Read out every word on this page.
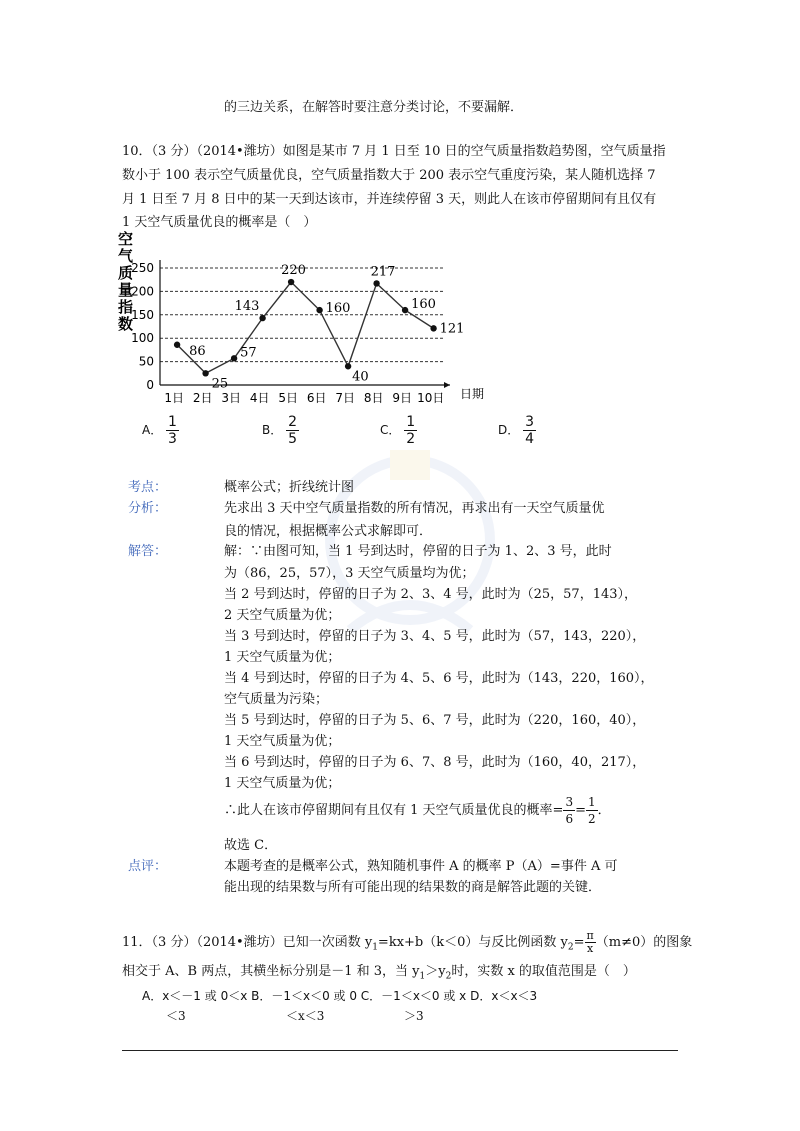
的三边关系，在解答时要注意分类讨论，不要漏解．
10．（3 分）（2014•潍坊）如图是某市 7 月 1 日至 10 日的空气质量指数趋势图，空气质量指
数小于 100 表示空气质量优良，空气质量指数大于 200 表示空气重度污染，某人随机选择 7
月 1 日至 7 月 8 日中的某一天到达该市，并连续停留 3 天，则此人在该市停留期间有且仅有
1 天空气质量优良的概率是（　）
86
25
57
143
220
160
40
217
160
121
1日 2日 3日 4日 5日 6日 7日 8日 9日 10日
0
50
100
150
200
250
空
气
质
量
指
数
日期
A． $\frac{1}{3}$	B． $\frac{2}{5}$	C． $\frac{1}{2}$	D． $\frac{3}{4}$
考点：	概率公式；折线统计图
分析：	先求出 3 天中空气质量指数的所有情况，再求出有一天空气质量优
良的情况，根据概率公式求解即可．
解答：	解：∵由图可知，当 1 号到达时，停留的日子为 1、2、3 号，此时
为（86，25，57），3 天空气质量均为优；
当 2 号到达时，停留的日子为 2、3、4 号，此时为（25，57，143），
2 天空气质量为优；
当 3 号到达时，停留的日子为 3、4、5 号，此时为（57，143，220），
1 天空气质量为优；
当 4 号到达时，停留的日子为 4、5、6 号，此时为（143，220，160），
空气质量为污染；
当 5 号到达时，停留的日子为 5、6、7 号，此时为（220，160，40），
1 天空气质量为优；
当 6 号到达时，停留的日子为 6、7、8 号，此时为（160，40，217），
1 天空气质量为优；
∴此人在该市停留期间有且仅有 1 天空气质量优良的概率= $\frac{3}{6} = \frac{1}{2}$ ．
故选 C．
点评：	本题考查的是概率公式，熟知随机事件 A 的概率 P（A）=事件 A 可
能出现的结果数与所有可能出现的结果数的商是解答此题的关键．
11．（3 分）（2014•潍坊）已知一次函数 $y_1=kx+b(k<0)$与反比例函数 $y_2= \frac{\pi}{x} (m\ne 0)$的图象
相交于 A、B 两点，其横坐标分别是－1 和 3，当 $y_1>y_2$时，实数 x 的取值范围是（　）
A．x＜－1 或 0＜x B．－1＜x＜0 或 0 C．－1＜x＜0 或 x D．x＜x＜3
＜3	＜x＜3	＞3
